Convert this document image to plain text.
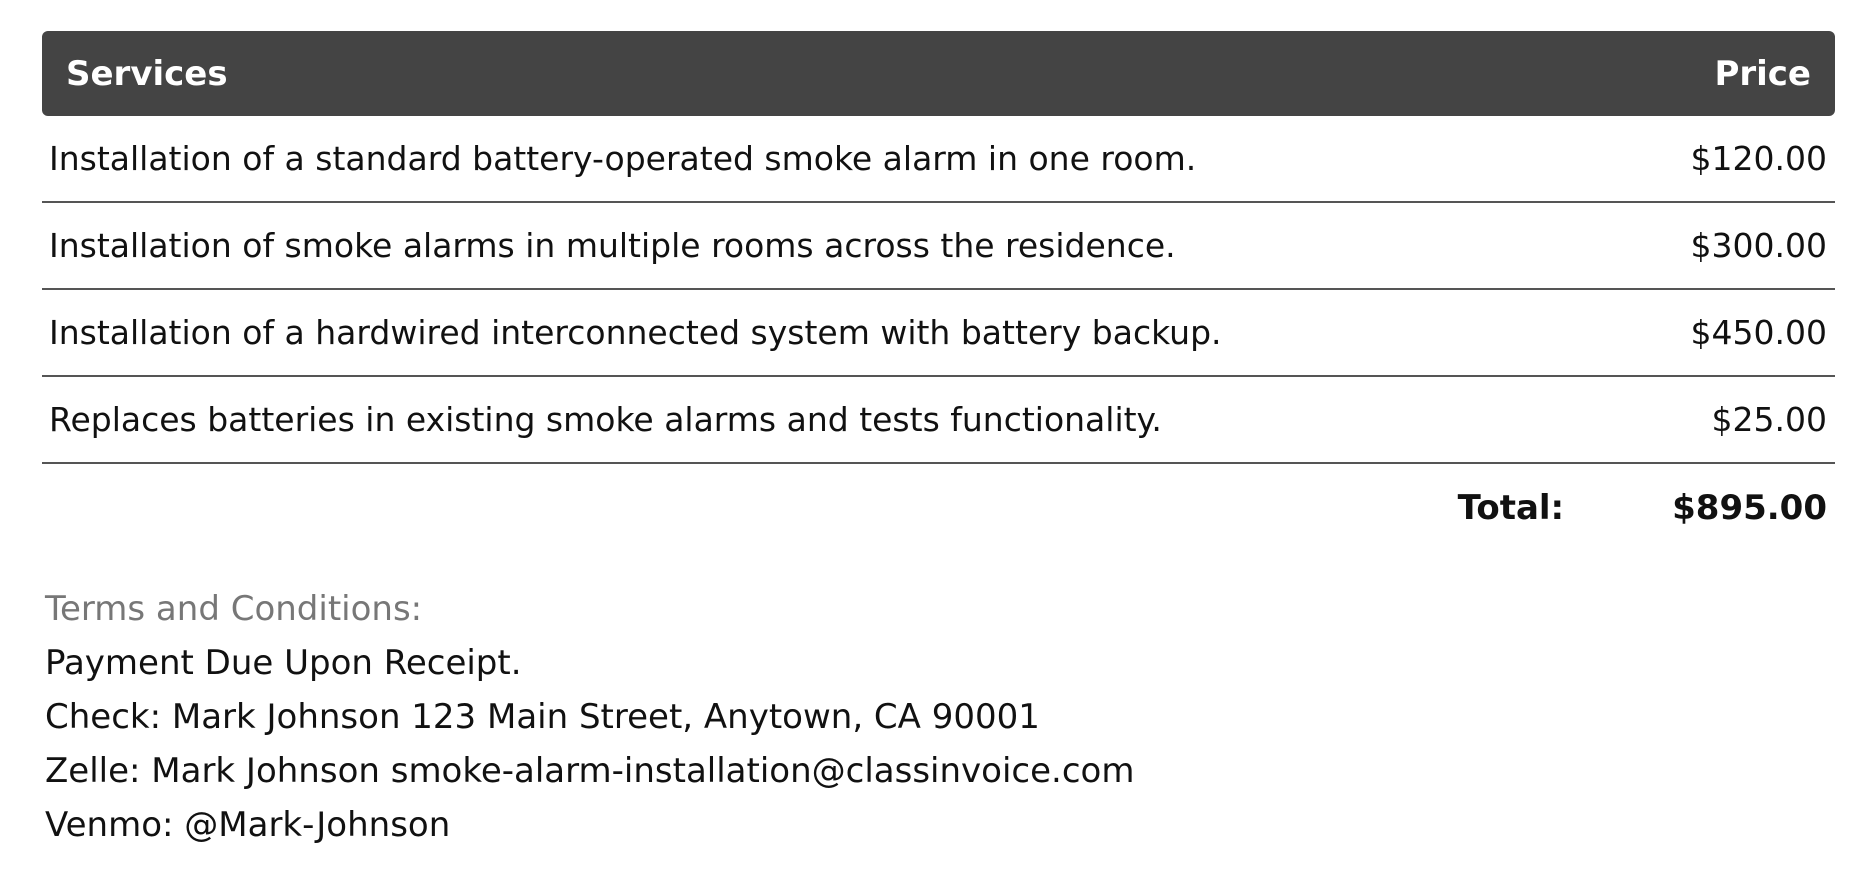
Services	Price
Installation of a standard battery-operated smoke alarm in one room.	$120.00
Installation of smoke alarms in multiple rooms across the residence.	$300.00
Installation of a hardwired interconnected system with battery backup.	$450.00
Replaces batteries in existing smoke alarms and tests functionality.	$25.00
Total:	$895.00
Terms and Conditions:
Payment Due Upon Receipt.
Check: Mark Johnson 123 Main Street, Anytown, CA 90001
Zelle: Mark Johnson smoke-alarm-installation@classinvoice.com
Venmo: @Mark-Johnson
